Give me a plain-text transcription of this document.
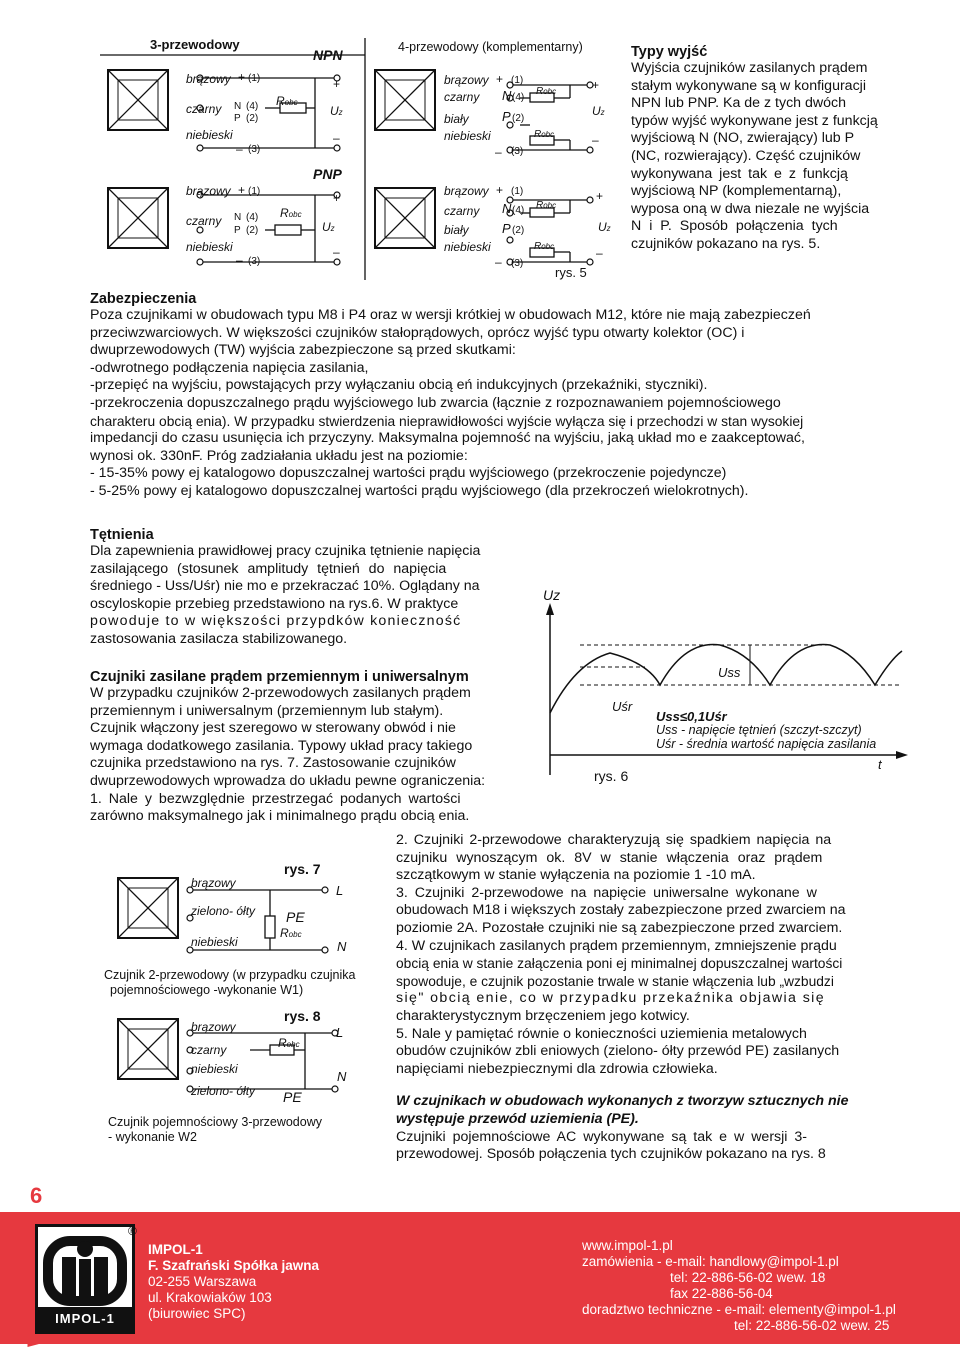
3-przewodowy
NPN
PNP
4-przewodowy (komplementarny)
brązowy + (1)
czarny N (4)
P (2)
niebieski
– (3)
Robc
+
Uz
–
brązowy + (1)
czarny N (4)
P (2)
niebieski
– (3)
Robc
+
Uz
–
brązowy + (1)
czarny N (4)
Robc
biały	P (2)
niebieski	Robc
– (3)
+
Uz
–
brązowy + (1)
czarny N (4) Robc
biały	P (2)
niebieski	Robc
– (3)
+
Uz
–
rys. 5
Typy wyjść
Wyjścia czujników zasilanych prądem
stałym wykonywane są w konfiguracji
NPN lub PNP. Ka de z tych dwóch
typów wyjść wykonywane jest z funkcją
wyjściową N (NO, zwierający) lub P
(NC, rozwierający). Część czujników
wykonywana jest tak e z funkcją
wyjściową NP (komplementarną),
wyposa oną w dwa niezale ne wyjścia
N i P. Sposób połączenia tych
czujników pokazano na rys. 5.
Zabezpieczenia
Poza czujnikami w obudowach typu M8 i P4 oraz w wersji krótkiej w obudowach M12, które nie mają zabezpieczeń
przeciwzwarciowych. W większości czujników stałoprądowych, oprócz wyjść typu otwarty kolektor (OC) i
dwuprzewodowych (TW) wyjścia zabezpieczone są przed skutkami:
-odwrotnego podłączenia napięcia zasilania,
-przepięć na wyjściu, powstających przy wyłączaniu obcią eń indukcyjnych (przekaźniki, styczniki).
-przekroczenia dopuszczalnego prądu wyjściowego lub zwarcia (łącznie z rozpoznawaniem pojemnościowego
charakteru obcią enia). W przypadku stwierdzenia nieprawidłowości wyjście wyłącza się i przechodzi w stan wysokiej
impedancji do czasu usunięcia ich przyczyny. Maksymalna pojemność na wyjściu, jaką układ mo e zaakceptować,
wynosi ok. 330nF. Próg zadziałania układu jest na poziomie:
- 15-35% powy ej katalogowo dopuszczalnej wartości prądu wyjściowego (przekroczenie pojedyncze)
- 5-25% powy ej katalogowo dopuszczalnej wartości prądu wyjściowego (dla przekroczeń wielokrotnych).
Tętnienia
Dla zapewnienia prawidłowej pracy czujnika tętnienie napięcia
zasilającego (stosunek amplitudy tętnień do napięcia
średniego - Uss/Uśr) nie mo e przekraczać 10%. Oglądany na
oscyloskopie przebieg przedstawiono na rys.6. W praktyce
powoduje to w większości przypdków konieczność
zastosowania zasilacza stabilizowanego.
Uz
Uss
Uśr
Uss≤0,1Uśr
Uss - napięcie tętnień (szczyt-szczyt)
Uśr - średnia wartość napięcia zasilania
t
rys. 6
Czujniki zasilane prądem przemiennym i uniwersalnym
W przypadku czujników 2-przewodowych zasilanych prądem
przemiennym i uniwersalnym (przemiennym lub stałym).
Czujnik włączony jest szeregowo w sterowany obwód i nie
wymaga dodatkowego zasilania. Typowy układ pracy takiego
czujnika przedstawiono na rys. 7. Zastosowanie czujników
dwuprzewodowych wprowadza do układu pewne ograniczenia:
1. Nale y bezwzględnie przestrzegać podanych wartości
zarówno maksymalnego jak i minimalnego prądu obcią enia.
rys. 7
brązowy	L
zielono- ółty PE
Robc
niebieski	N
Czujnik 2-przewodowy (w przypadku czujnika
pojemnościowego -wykonanie W1)
rys. 8
brązowy	L
Robc
czarny
niebieski	N
zielono- ółty PE
Czujnik pojemnościowy 3-przewodowy
- wykonanie W2
2. Czujniki 2-przewodowe charakteryzują się spadkiem napięcia na
czujniku wynoszącym ok. 8V w stanie włączenia oraz prądem
szczątkowym w stanie wyłączenia na poziomie 1 -10 mA.
3. Czujniki 2-przewodowe na napięcie uniwersalne wykonane w
obudowach M18 i większych zostały zabezpieczone przed zwarciem na
poziomie 2A. Pozostałe czujniki nie są zabezpieczone przed zwarciem.
4. W czujnikach zasilanych prądem przemiennym, zmniejszenie prądu
obcią enia w stanie załączenia poni ej minimalnej dopuszczalnej wartości
spowoduje, e czujnik pozostanie trwale w stanie włączenia lub „wzbudzi
się" obcią enie, co w przypadku przekaźnika objawia się
charakterystycznym brzęczeniem jego kotwicy.
5. Nale y pamiętać równie o konieczności uziemienia metalowych
obudów czujników zbli eniowych (zielono- ółty przewód PE) zasilanych
napięciami niebezpiecznymi dla zdrowia człowieka.
W czujnikach w obudowach wykonanych z tworzyw sztucznych nie
występuje przewód uziemienia (PE).
Czujniki pojemnościowe AC wykonywane są tak e w wersji 3-
przewodowej. Sposób połączenia tych czujników pokazano na rys. 8
6
IMPOL-1
®
IMPOL-1
F. Szafrański Spółka jawna
02-255 Warszawa
ul. Krakowiaków 103
(biurowiec SPC)
www.impol-1.pl
zamówienia - e-mail: handlowy@impol-1.pl
tel: 22-886-56-02 wew. 18
fax 22-886-56-04
doradztwo techniczne - e-mail: elementy@impol-1.pl
tel: 22-886-56-02 wew. 25
